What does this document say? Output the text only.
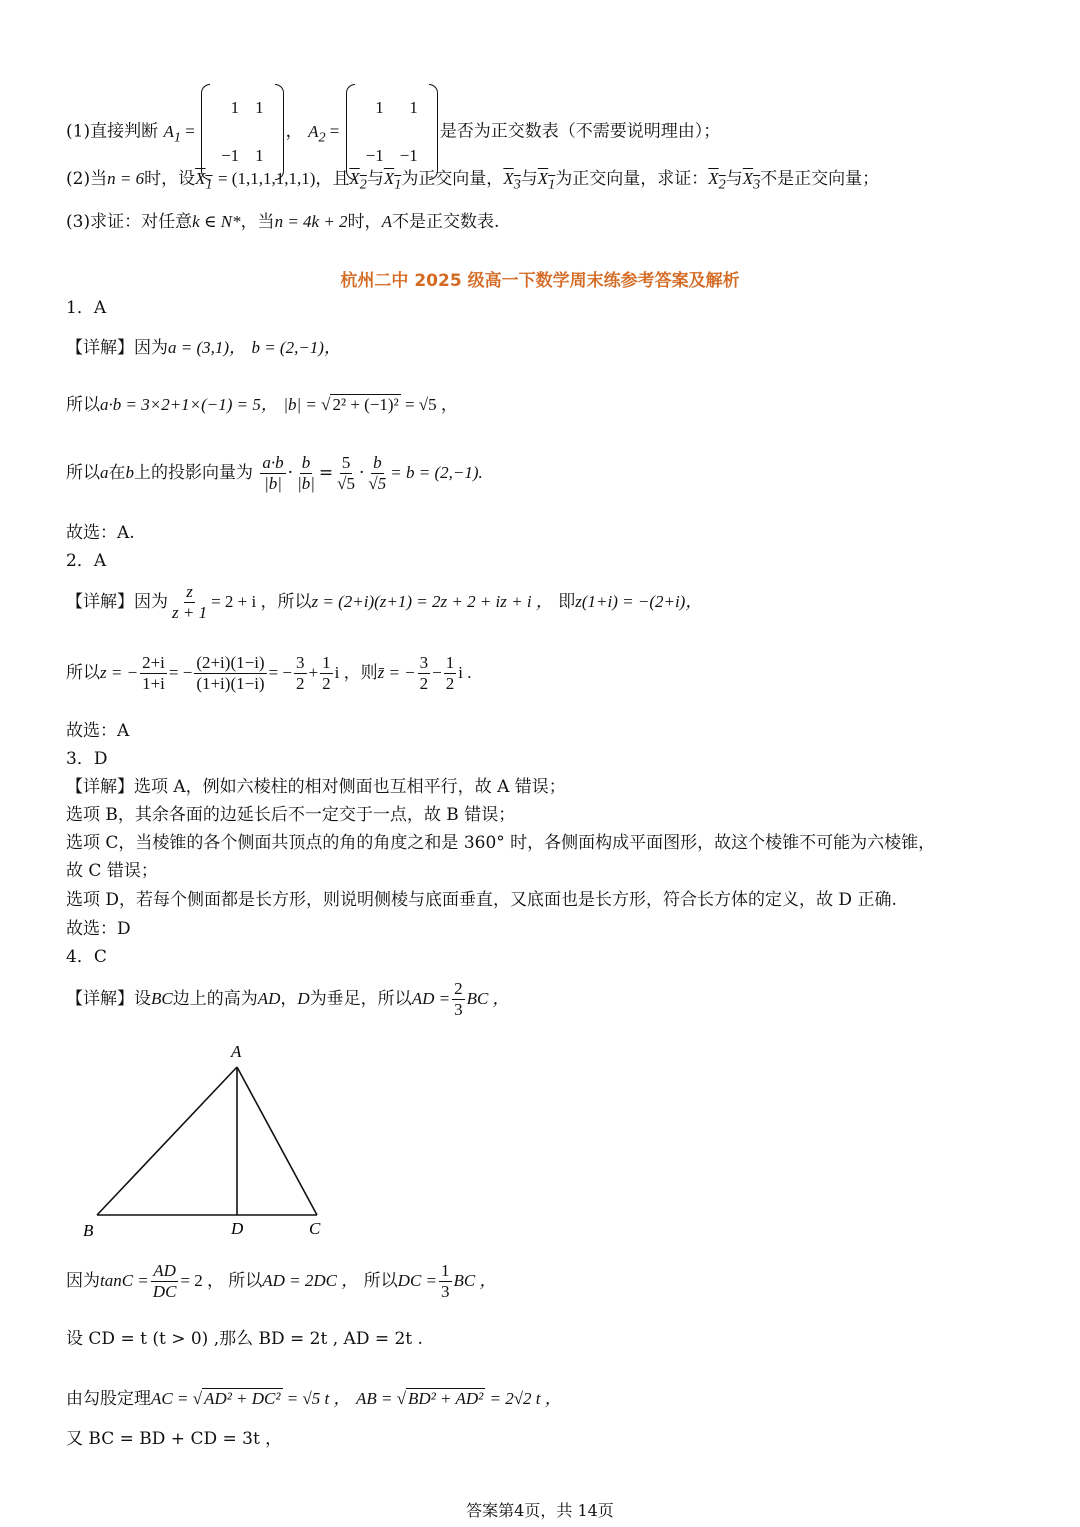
(1)直接判断 $A_1$ =
1	1
−1	1
， $A_2$ =
1	1
−1	−1
是否为正交数表（不需要说明理由）；
(2)当n = 6时，设$X_1 = (1,1,1,1,1,1)$，且$X_2$与$X_1$为正交向量，$X_3$与$X_1$为正交向量，求证：$X_2$与$X_3$不是正交向量；
(3)求证：对任意k ∈ N*，当n = 4k + 2时，A不是正交数表.
杭州二中 2025 级高一下数学周末练参考答案及解析
1．A
【详解】因为a = (3,1)， b = (2,−1)，
所以a·b = 3×2+1×(−1) = 5， |b| = √ 2² + (−1)² = √5 ，
所以a在b上的投影向量为 $\frac{a\cdot b}{|b|} \cdot \frac{b}{|b|} = \frac{5}{√5} \cdot \frac{b}{√5} = b = (2,-1)$.
故选：A.
2．A
【详解】因为 $\frac{z}{z + 1} = 2 + i$ ，所以z = (2+i)(z+1) = 2z + 2 + iz + i ， 即z(1+i) = −(2+i)，
所以z = − $\frac{2+i}{1+i}$ = − $\frac{(2+i)(1-i)}{(1+i)(1-i)}$ = − $\frac{3}{2} + \frac{1}{2}$ i ，则z̄ = − $\frac{3}{2} - \frac{1}{2}$ i .
故选：A
3．D
【详解】选项 A，例如六棱柱的相对侧面也互相平行，故 A 错误；
选项 B，其余各面的边延长后不一定交于一点，故 B 错误；
选项 C，当棱锥的各个侧面共顶点的角的角度之和是 360° 时，各侧面构成平面图形，故这个棱锥不可能为六棱锥，
故 C 错误；
选项 D，若每个侧面都是长方形，则说明侧棱与底面垂直，又底面也是长方形，符合长方体的定义，故 D 正确.
故选：D
4．C
【详解】设BC边上的高为AD，D为垂足，所以AD = $\frac{2}{3}$ BC ，
A
B	D	C
因为$\tan C = \frac{AD}{DC} = 2$ ， 所以AD = 2DC ， 所以DC = $\frac{1}{3}$ BC ，
设 CD = t (t > 0) ,那么 BD = 2t , AD = 2t .
由勾股定理AC = √ AD² + DC² = √5 t ， AB = √ BD² + AD² = 2√2 t ，
又 BC = BD + CD = 3t ，
答案第4页，共 14页
